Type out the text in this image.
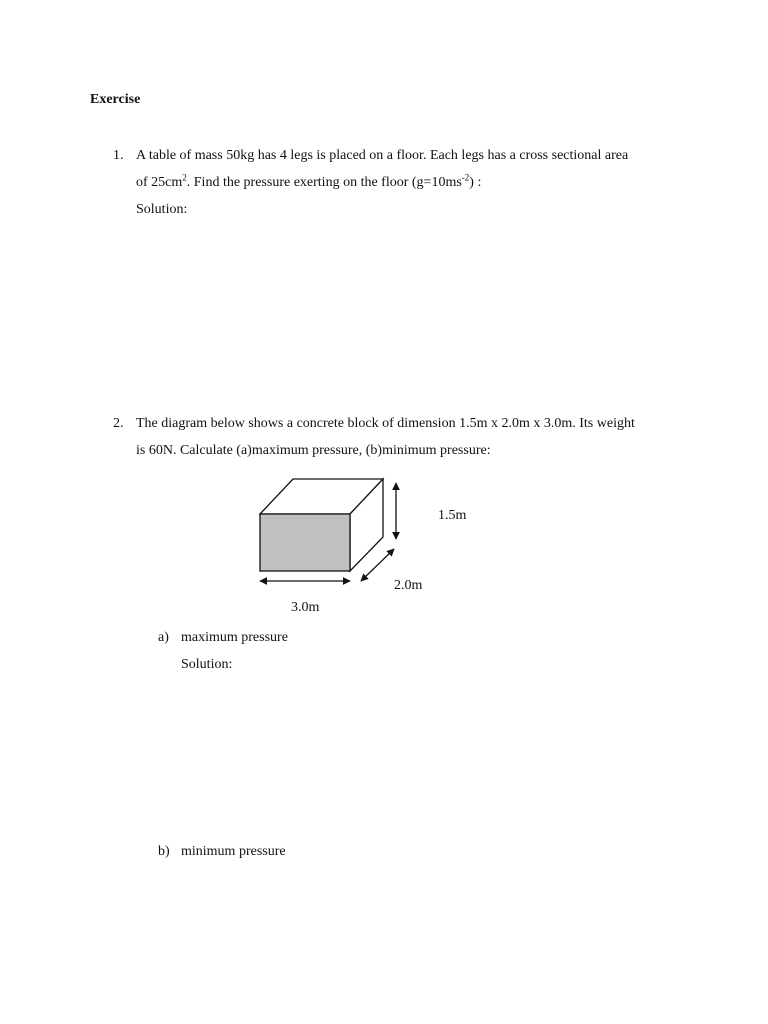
Exercise
1. A table of mass 50kg has 4 legs is placed on a floor. Each legs has a cross sectional area
of $25cm^2$. Find the pressure exerting on the floor $(g=10ms^{-2})$ :
Solution:
2. The diagram below shows a concrete block of dimension 1.5m x 2.0m x 3.0m. Its weight
is 60N. Calculate (a)maximum pressure, (b)minimum pressure:
1.5m
2.0m
3.0m
a) maximum pressure
Solution:
b) minimum pressure
